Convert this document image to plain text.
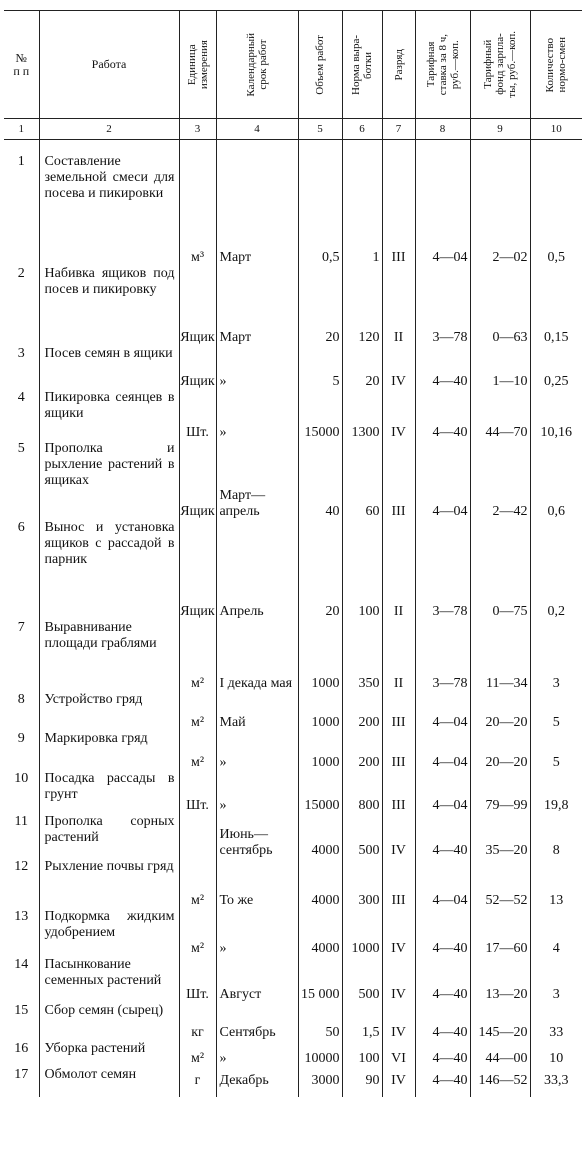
№
п п	Работа	Единица
измерения	Календарный
срок работ	Объем работ	Норма выра-
ботки	Разряд	Тарифная
ставка за 8 ч,
руб.—коп.	Тарифный
фонд зарпла-
ты, руб.—коп.	Количество
нормо-смен

1	2	3	4	5	6	7	8	9	10

1	Составление земельной смеси для посева и пикировки	м³	Март	0,5	1	III	4—04	2—02	0,5
2	Набивка ящиков под посев и пикировку	Ящик	Март	20	120	II	3—78	0—63	0,15
3	Посев семян в ящики	Ящик	»	5	20	IV	4—40	1—10	0,25
4	Пикировка сеянцев в ящики	Шт.	»	15000	1300	IV	4—40	44—70	10,16
5	Прополка и рыхление растений в ящиках	Ящик	Март—апрель	40	60	III	4—04	2—42	0,6
6	Вынос и установка ящиков с рассадой в парник	Ящик	Апрель	20	100	II	3—78	0—75	0,2
7	Выравнивание площади граблями	м²	I декада мая	1000	350	II	3—78	11—34	3
8	Устройство гряд	м²	Май	1000	200	III	4—04	20—20	5
9	Маркировка гряд	м²	»	1000	200	III	4—04	20—20	5
10	Посадка рассады в грунт	Шт.	»	15000	800	III	4—04	79—99	19,8
11	Прополка сорных растений		Июнь—сентябрь	4000	500	IV	4—40	35—20	8
12	Рыхление почвы гряд	м²	То же	4000	300	III	4—04	52—52	13
13	Подкормка жидким удобрением	м²	»	4000	1000	IV	4—40	17—60	4
14	Пасынкование семенных растений	Шт.	Август	15 000	500	IV	4—40	13—20	3
15	Сбор семян (сырец)	кг	Сентябрь	50	1,5	IV	4—40	145—20	33
16	Уборка растений	м²	»	10000	100	VI	4—40	44—00	10
17	Обмолот семян	г	Декабрь	3000	90	IV	4—40	146—52	33,3
